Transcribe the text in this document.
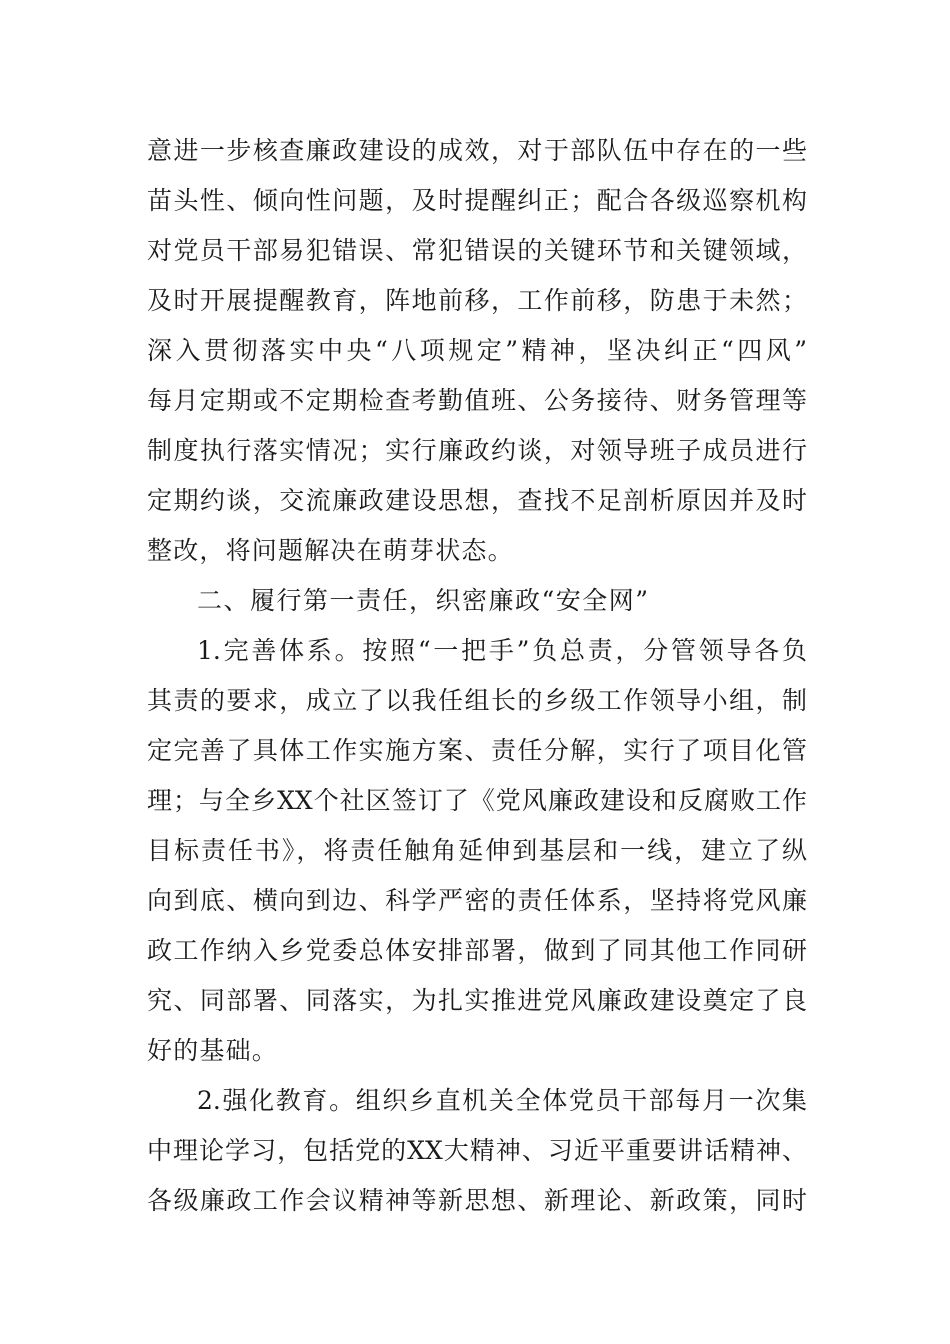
意进一步核查廉政建设的成效，对于部队伍中存在的一些
苗头性、倾向性问题，及时提醒纠正；配合各级巡察机构
对党员干部易犯错误、常犯错误的关键环节和关键领域，
及时开展提醒教育，阵地前移，工作前移，防患于未然；
深入贯彻落实中央“八项规定”精神，坚决纠正“四风”
每月定期或不定期检查考勤值班、公务接待、财务管理等
制度执行落实情况；实行廉政约谈，对领导班子成员进行
定期约谈，交流廉政建设思想，查找不足剖析原因并及时
整改，将问题解决在萌芽状态。
二、履行第一责任，织密廉政“安全网”
1.完善体系。按照“一把手”负总责，分管领导各负
其责的要求，成立了以我任组长的乡级工作领导小组，制
定完善了具体工作实施方案、责任分解，实行了项目化管
理；与全乡XX个社区签订了《党风廉政建设和反腐败工作
目标责任书》，将责任触角延伸到基层和一线，建立了纵
向到底、横向到边、科学严密的责任体系，坚持将党风廉
政工作纳入乡党委总体安排部署，做到了同其他工作同研
究、同部署、同落实，为扎实推进党风廉政建设奠定了良
好的基础。
2.强化教育。组织乡直机关全体党员干部每月一次集
中理论学习，包括党的XX大精神、习近平重要讲话精神、
各级廉政工作会议精神等新思想、新理论、新政策，同时
